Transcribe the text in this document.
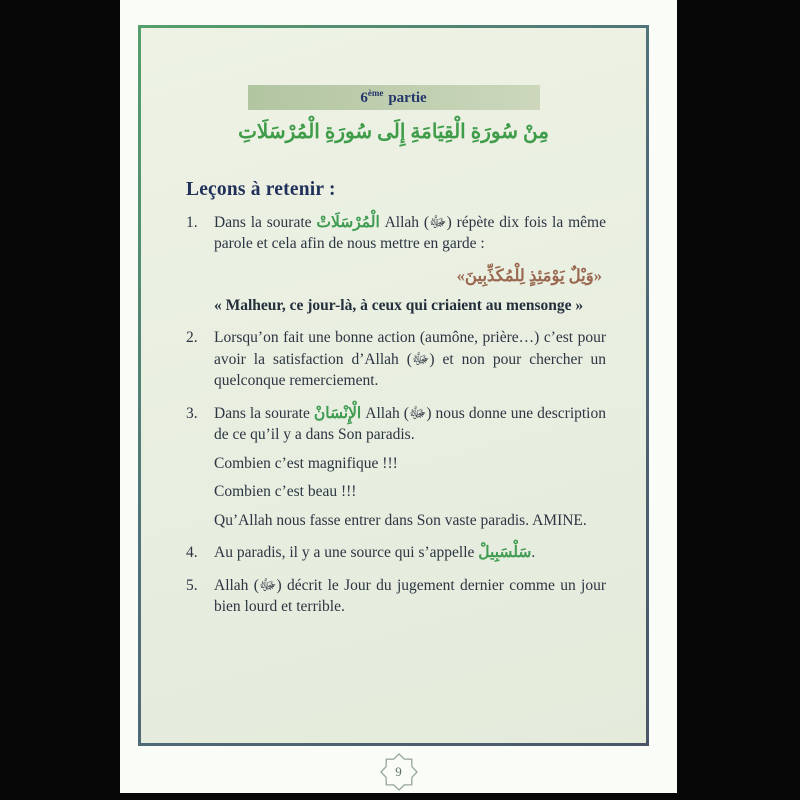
6ème partie
مِنْ سُورَةِ الْقِيَامَةِ إِلَى سُورَةِ الْمُرْسَلَاتِ
Leçons à retenir :
1.	Dans la sourate الْمُرْسَلَاتْ Allah (ﷻ) répète dix fois la même parole et cela afin de nous mettre en garde :
«وَيْلٌ يَوْمَئِذٍ لِلْمُكَذِّبِينَ»
« Malheur, ce jour-là, à ceux qui criaient au mensonge »
2.	Lorsqu’on fait une bonne action (aumône, prière…) c’est pour avoir la satisfaction d’Allah (ﷻ) et non pour chercher un quelconque remerciement.
3.	Dans la sourate الْإِنْسَانْ Allah (ﷻ) nous donne une description de ce qu’il y a dans Son paradis.

Combien c’est magnifique !!!

Combien c’est beau !!!

Qu’Allah nous fasse entrer dans Son vaste paradis. AMINE.

4.	Au paradis, il y a une source qui s’appelle سَلْسَبِيلْ.
5.	Allah (ﷻ) décrit le Jour du jugement dernier comme un jour bien lourd et terrible.
9
